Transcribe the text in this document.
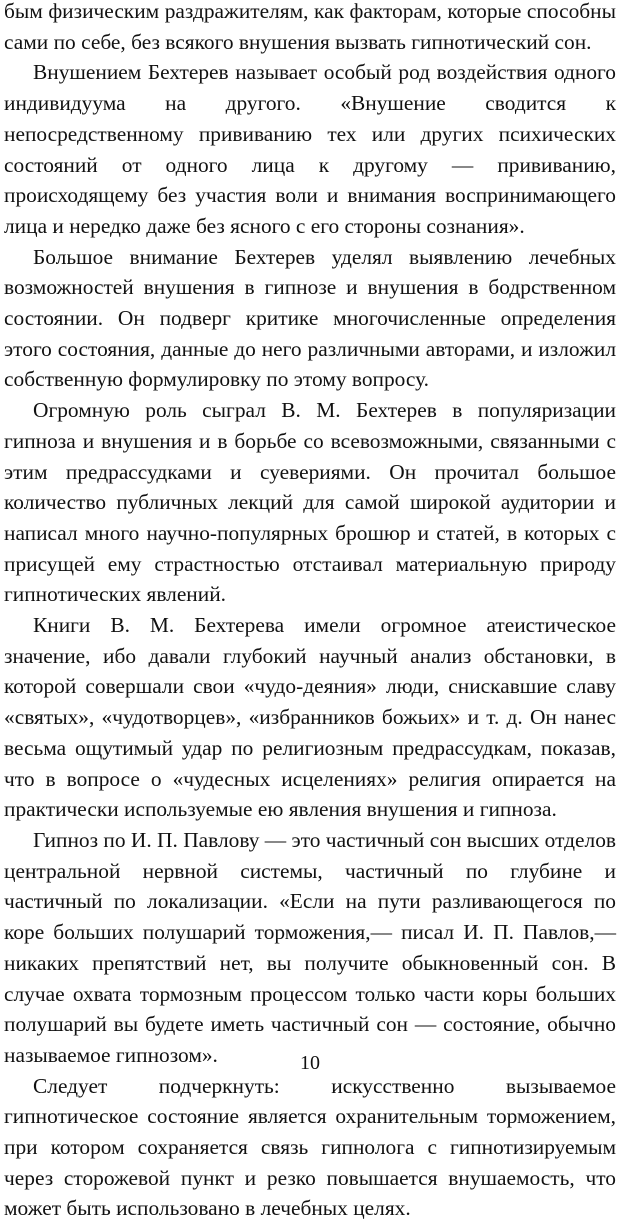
бым физическим раздражителям, как факторам, которые способны сами по себе, без всякого внушения вызвать гипнотический сон.

Внушением Бехтерев называет особый род воздействия одного индивидуума на другого. «Внушение сводится к непосредственному прививанию тех или других психических состояний от одного лица к другому — прививанию, происходящему без участия воли и внимания воспринимающего лица и нередко даже без ясного с его стороны сознания».

Большое внимание Бехтерев уделял выявлению лечебных возможностей внушения в гипнозе и внушения в бодрственном состоянии. Он подверг критике многочисленные определения этого состояния, данные до него различными авторами, и изложил собственную формулировку по этому вопросу.

Огромную роль сыграл В. М. Бехтерев в популяризации гипноза и внушения и в борьбе со всевозможными, связанными с этим предрассудками и суевериями. Он прочитал большое количество публичных лекций для самой широкой аудитории и написал много научно-популярных брошюр и статей, в которых с присущей ему страстностью отстаивал материальную природу гипнотических явлений.

Книги В. М. Бехтерева имели огромное атеистическое значение, ибо давали глубокий научный анализ обстановки, в которой совершали свои «чудо-деяния» люди, снискавшие славу «святых», «чудотворцев», «избранников божьих» и т. д. Он нанес весьма ощутимый удар по религиозным предрассудкам, показав, что в вопросе о «чудесных исцелениях» религия опирается на практически используемые ею явления внушения и гипноза.

Гипноз по И. П. Павлову — это частичный сон высших отделов центральной нервной системы, частичный по глубине и частичный по локализации. «Если на пути разливающегося по коре больших полушарий торможения,— писал И. П. Павлов,— никаких препятствий нет, вы получите обыкновенный сон. В случае охвата тормозным процессом только части коры больших полушарий вы будете иметь частичный сон — состояние, обычно называемое гипнозом».

Следует подчеркнуть: искусственно вызываемое гипнотическое состояние является охранительным торможением, при котором сохраняется связь гипнолога с гипнотизируемым через сторожевой пункт и резко повышается внушаемость, что может быть использовано в лечебных целях.

10
